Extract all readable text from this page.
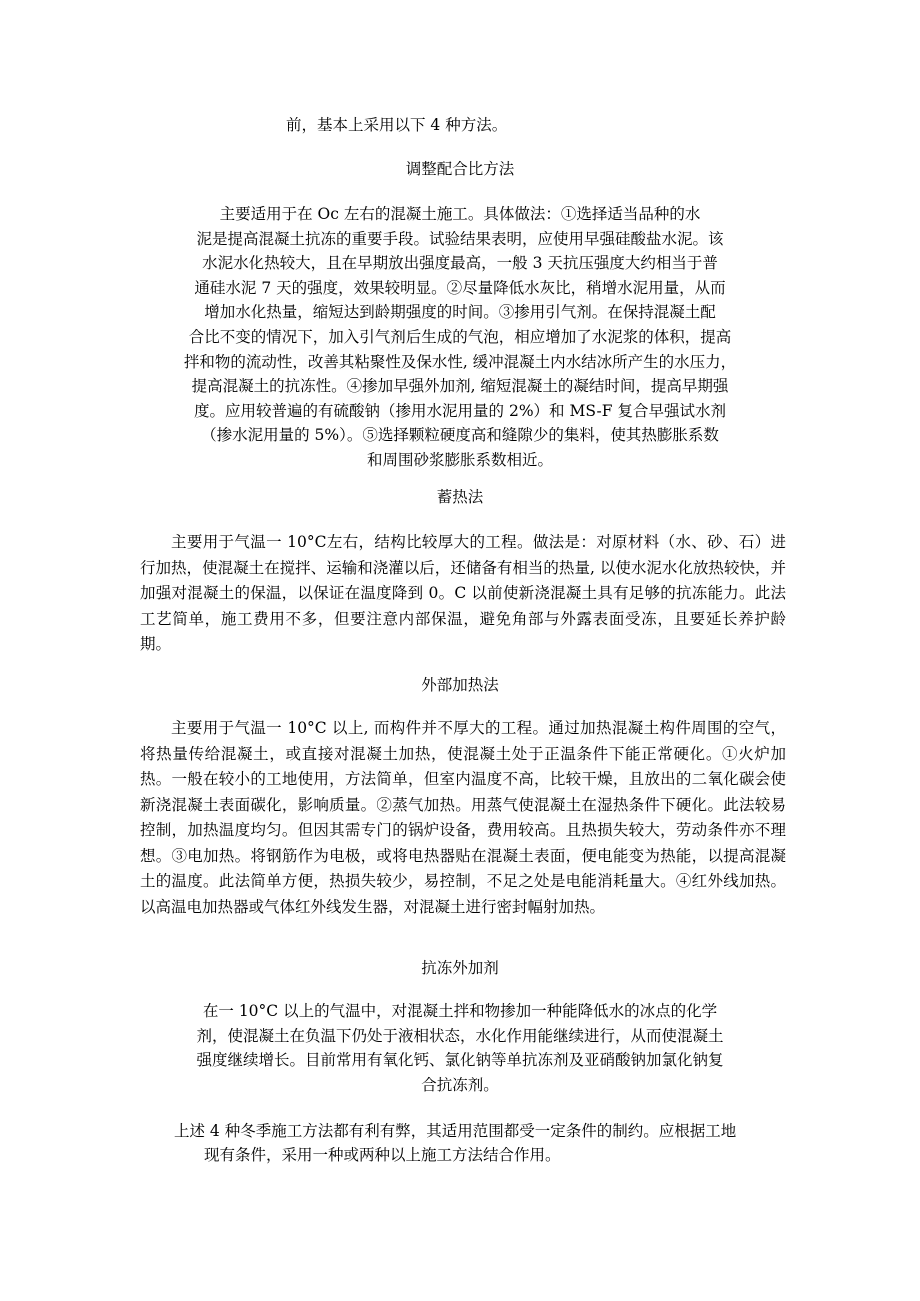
前，基本上采用以下 4 种方法。
调整配合比方法
主要适用于在 Oc 左右的混凝土施工。具体做法：①选择适当品种的水
泥是提高混凝土抗冻的重要手段。试验结果表明，应使用早强硅酸盐水泥。该
水泥水化热较大，且在早期放出强度最高，一般 3 天抗压强度大约相当于普
通硅水泥 7 天的强度，效果较明显。②尽量降低水灰比，稍增水泥用量，从而
增加水化热量，缩短达到龄期强度的时间。③掺用引气剂。在保持混凝土配
合比不变的情况下，加入引气剂后生成的气泡，相应增加了水泥浆的体积，提高
拌和物的流动性，改善其粘聚性及保水性, 缓冲混凝土内水结冰所产生的水压力，
提高混凝土的抗冻性。④掺加早强外加剂, 缩短混凝土的凝结时间，提高早期强
度。应用较普遍的有硫酸钠（掺用水泥用量的 2%）和 MS-F 复合早强试水剂
（掺水泥用量的 5%）。⑤选择颗粒硬度高和缝隙少的集料，使其热膨胀系数
和周围砂浆膨胀系数相近。
蓄热法

主要用于气温一 10°C左右，结构比较厚大的工程。做法是：对原材料（水、砂、石）进行加热，使混凝土在搅拌、运输和浇灌以后，还储备有相当的热量, 以使水泥水化放热较快，并加强对混凝土的保温，以保证在温度降到 0。C 以前使新浇混凝土具有足够的抗冻能力。此法工艺简单，施工费用不多，但要注意内部保温，避免角部与外露表面受冻，且要延长养护龄期。

外部加热法

主要用于气温一 10°C 以上, 而构件并不厚大的工程。通过加热混凝土构件周围的空气，将热量传给混凝土，或直接对混凝土加热，使混凝土处于正温条件下能正常硬化。①火炉加热。一般在较小的工地使用，方法简单，但室内温度不高，比较干燥，且放出的二氧化碳会使新浇混凝土表面碳化，影响质量。②蒸气加热。用蒸气使混凝土在湿热条件下硬化。此法较易控制，加热温度均匀。但因其需专门的锅炉设备，费用较高。且热损失较大，劳动条件亦不理想。③电加热。将钢筋作为电极，或将电热器贴在混凝土表面，便电能变为热能，以提高混凝土的温度。此法简单方便，热损失较少，易控制，不足之处是电能消耗量大。④红外线加热。以高温电加热器或气体红外线发生器，对混凝土进行密封幅射加热。

抗冻外加剂
在一 10°C 以上的气温中，对混凝土拌和物掺加一种能降低水的冰点的化学
剂，使混凝土在负温下仍处于液相状态，水化作用能继续进行，从而使混凝土
强度继续增长。目前常用有氧化钙、氯化钠等单抗冻剂及亚硝酸钠加氯化钠复
合抗冻剂。
上述 4 种冬季施工方法都有利有弊，其适用范围都受一定条件的制约。应根据工地
现有条件，采用一种或两种以上施工方法结合作用。
